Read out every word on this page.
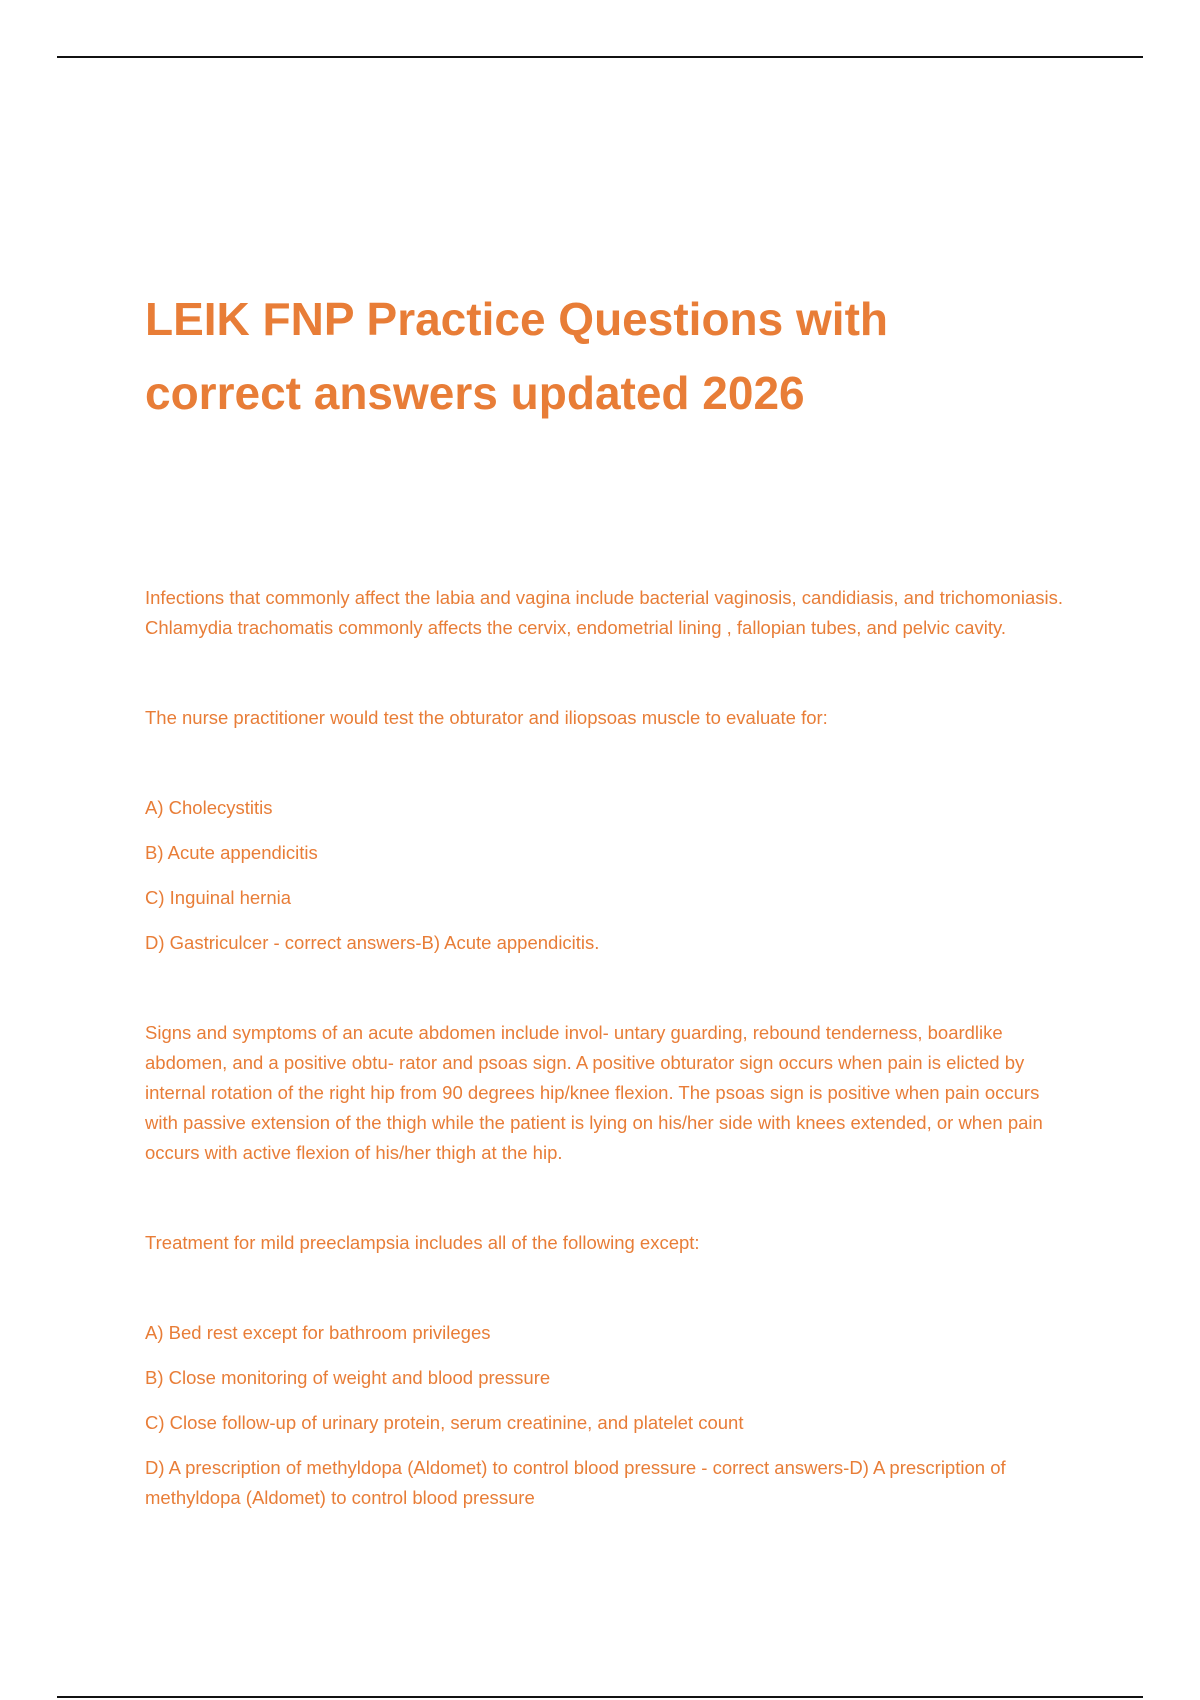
LEIK FNP Practice Questions with
correct answers updated 2026

Infections that commonly affect the labia and vagina include bacterial vaginosis, candidiasis, and trichomoniasis. Chlamydia trachomatis commonly affects the cervix, endometrial lining , fallopian tubes, and pelvic cavity.

The nurse practitioner would test the obturator and iliopsoas muscle to evaluate for:

A) Cholecystitis

B) Acute appendicitis

C) Inguinal hernia

D) Gastriculcer - correct answers-B) Acute appendicitis.

Signs and symptoms of an acute abdomen include invol- untary guarding, rebound tenderness, boardlike abdomen, and a positive obtu- rator and psoas sign. A positive obturator sign occurs when pain is elicted by internal rotation of the right hip from 90 degrees hip/knee flexion. The psoas sign is positive when pain occurs with passive extension of the thigh while the patient is lying on his/her side with knees extended, or when pain occurs with active flexion of his/her thigh at the hip.

Treatment for mild preeclampsia includes all of the following except:

A) Bed rest except for bathroom privileges

B) Close monitoring of weight and blood pressure

C) Close follow-up of urinary protein, serum creatinine, and platelet count

D) A prescription of methyldopa (Aldomet) to control blood pressure - correct answers-D) A prescription of methyldopa (Aldomet) to control blood pressure
